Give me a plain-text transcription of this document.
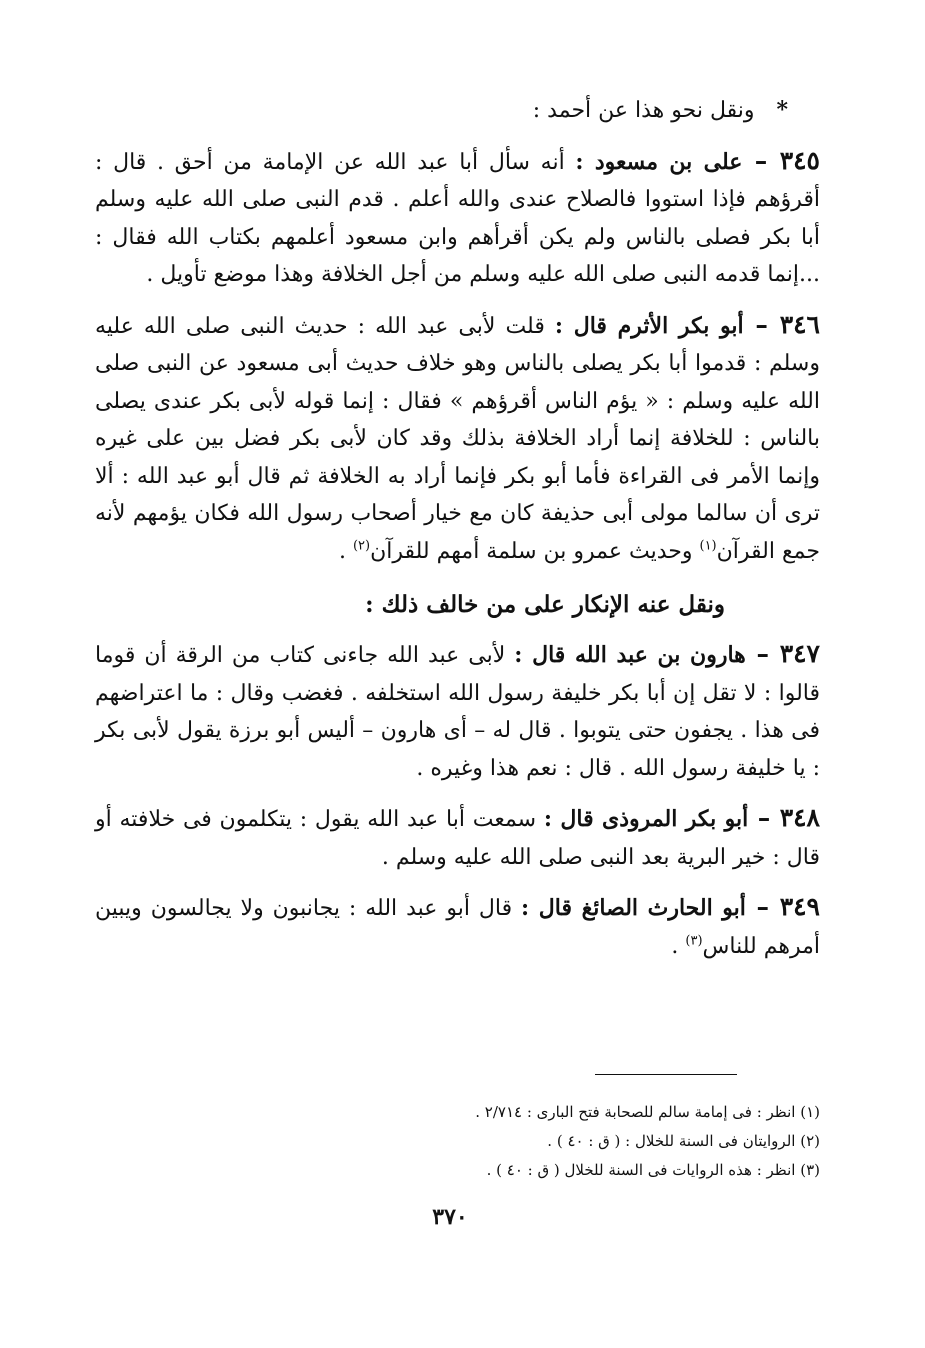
*ونقل نحو هذا عن أحمد :

٣٤٥ – على بن مسعود : أنه سأل أبا عبد الله عن الإمامة من أحق . قال : أقرؤهم فإذا استووا فالصلاح عندى والله أعلم . قدم النبى صلى الله عليه وسلم أبا بكر فصلى بالناس ولم يكن أقرأهم وابن مسعود أعلمهم بكتاب الله فقال : ...إنما قدمه النبى صلى الله عليه وسلم من أجل الخلافة وهذا موضع تأويل .

٣٤٦ – أبو بكر الأثرم قال : قلت لأبى عبد الله : حديث النبى صلى الله عليه وسلم : قدموا أبا بكر يصلى بالناس وهو خلاف حديث أبى مسعود عن النبى صلى الله عليه وسلم : « يؤم الناس أقرؤهم » فقال : إنما قوله لأبى بكر عندى يصلى بالناس : للخلافة إنما أراد الخلافة بذلك وقد كان لأبى بكر فضل بين على غيره وإنما الأمر فى القراءة فأما أبو بكر فإنما أراد به الخلافة ثم قال أبو عبد الله : ألا ترى أن سالما مولى أبى حذيفة كان مع خيار أصحاب رسول الله فكان يؤمهم لأنه جمع القرآن$^{(١)}$ وحديث عمرو بن سلمة أمهم للقرآن$^{(٢)}$ .

ونقل عنه الإنكار على من خالف ذلك :

٣٤٧ – هارون بن عبد الله قال : لأبى عبد الله جاءنى كتاب من الرقة أن قوما قالوا : لا تقل إن أبا بكر خليفة رسول الله استخلفه . فغضب وقال : ما اعتراضهم فى هذا . يجفون حتى يتوبوا . قال له – أى هارون – أليس أبو برزة يقول لأبى بكر : يا خليفة رسول الله . قال : نعم هذا وغيره .

٣٤٨ – أبو بكر المروذى قال : سمعت أبا عبد الله يقول : يتكلمون فى خلافته أو قال : خير البرية بعد النبى صلى الله عليه وسلم .

٣٤٩ – أبو الحارث الصائغ قال : قال أبو عبد الله : يجانبون ولا يجالسون ويبين أمرهم للناس$^{(٣)}$ .

(١) انظر : فى إمامة سالم للصحابة فتح البارى : ٢/٧١٤ .

(٢) الروايتان فى السنة للخلال : ( ق : ٤٠ ) .

(٣) انظر : هذه الروايات فى السنة للخلال ( ق : ٤٠ ) .

٣٧٠
